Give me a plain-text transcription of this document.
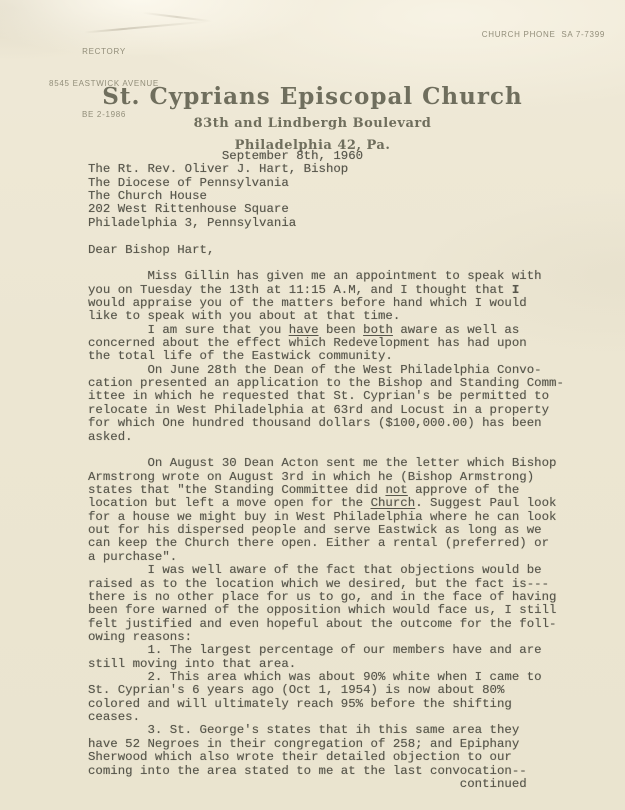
RECTORY

8545 EASTWICK AVENUE

BE 2-1986

CHURCH PHONE  SA 7-7399
St. Cyprians Episcopal Church
83th and Lindbergh Boulevard
Philadelphia 42, Pa.
September 8th, 1960
The Rt. Rev. Oliver J. Hart, Bishop
The Diocese of Pennsylvania
The Church House
202 West Rittenhouse Square
Philadelphia 3, Pennsylvania

Dear Bishop Hart,

Miss Gillin has given me an appointment to speak with
you on Tuesday the 13th at 11:15 A.M, and I thought that I
would appraise you of the matters before hand which I would
like to speak with you about at that time.
I am sure that you have been both aware as well as
concerned about the effect which Redevelopment has had upon
the total life of the Eastwick community.
On June 28th the Dean of the West Philadelphia Convo-
cation presented an application to the Bishop and Standing Comm-
ittee in which he requested that St. Cyprian's be permitted to
relocate in West Philadelphia at 63rd and Locust in a property
for which One hundred thousand dollars ($100,000.00) has been
asked.

On August 30 Dean Acton sent me the letter which Bishop
Armstrong wrote on August 3rd in which he (Bishop Armstrong)
states that "the Standing Committee did not approve of the
location but left a move open for the Church. Suggest Paul look
for a house we might buy in West Philadelphia where he can look
out for his dispersed people and serve Eastwick as long as we
can keep the Church there open. Either a rental (preferred) or
a purchase".
I was well aware of the fact that objections would be
raised as to the location which we desired, but the fact is---
there is no other place for us to go, and in the face of having
been fore warned of the opposition which would face us, I still
felt justified and even hopeful about the outcome for the foll-
owing reasons:
1. The largest percentage of our members have and are
still moving into that area.
2. This area which was about 90% white when I came to
St. Cyprian's 6 years ago (Oct 1, 1954) is now about 80%
colored and will ultimately reach 95% before the shifting
ceases.
3. St. George's states that ih this same area they
have 52 Negroes in their congregation of 258; and Epiphany
Sherwood which also wrote their detailed objection to our
coming into the area stated to me at the last convocation--
continued
